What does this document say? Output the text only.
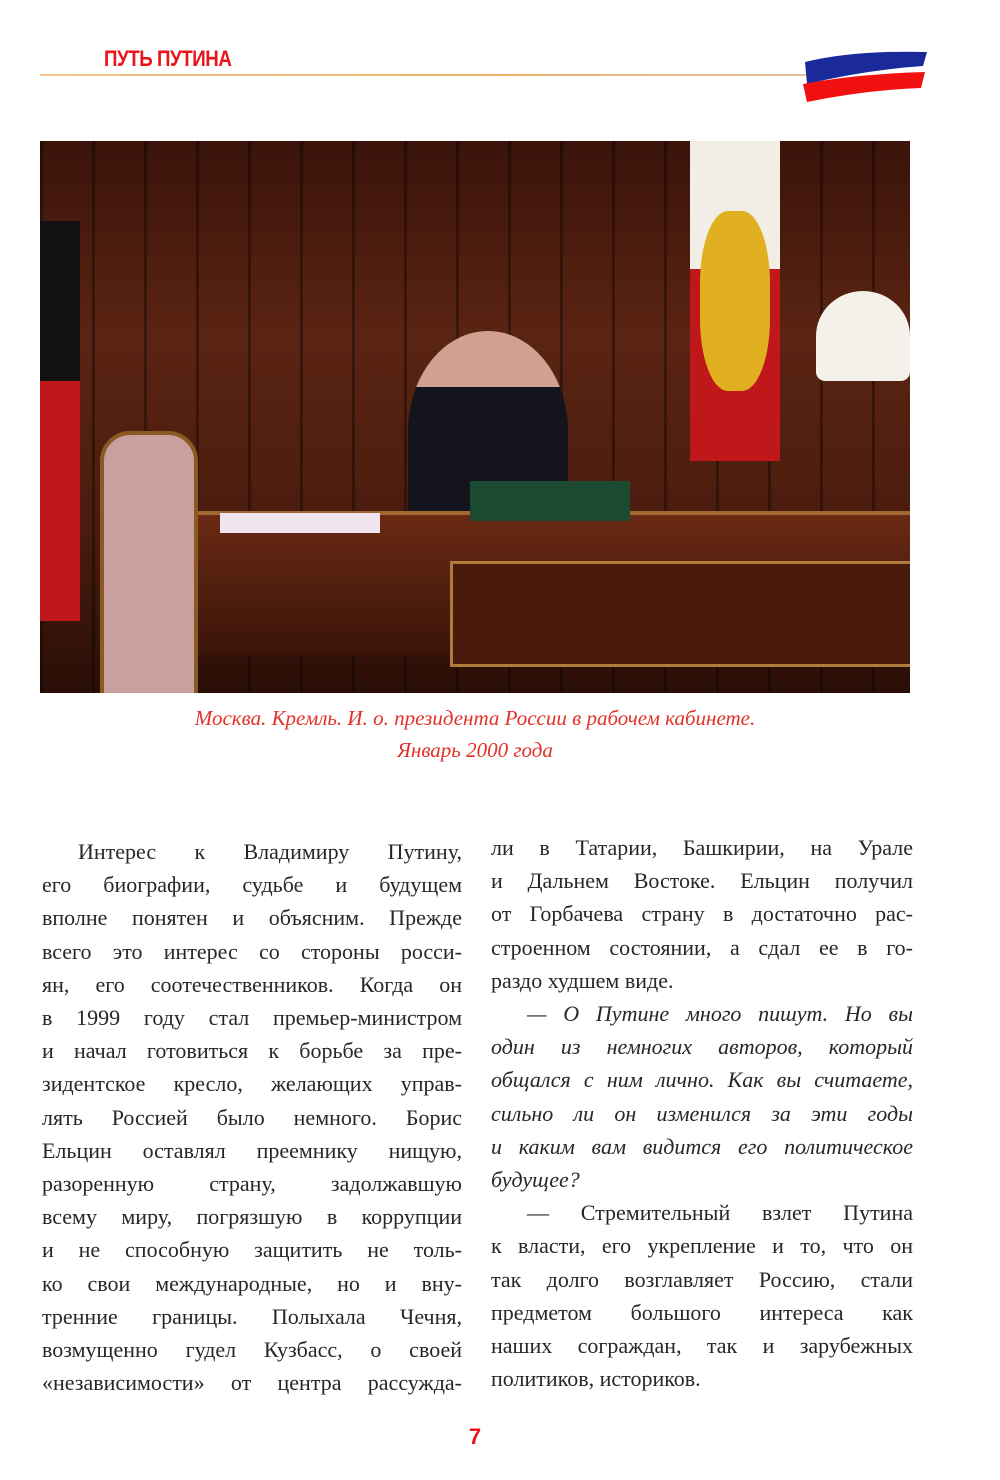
ПУТЬ ПУТИНА
Москва. Кремль. И. о. президента России в рабочем кабинете.
Январь 2000 года
Интерес к Владимиру Путину,
его биографии, судьбе и будущем
вполне понятен и объясним. Прежде
всего это интерес со стороны росси-
ян, его соотечественников. Когда он
в 1999 году стал премьер-министром
и начал готовиться к борьбе за пре-
зидентское кресло, желающих управ-
лять Россией было немного. Борис
Ельцин оставлял преемнику нищую,
разоренную страну, задолжавшую
всему миру, погрязшую в коррупции
и не способную защитить не толь-
ко свои международные, но и вну-
тренние границы. Полыхала Чечня,
возмущенно гудел Кузбасс, о своей
«независимости» от центра рассужда-
ли в Татарии, Башкирии, на Урале
и Дальнем Востоке. Ельцин получил
от Горбачева страну в достаточно рас-
строенном состоянии, а сдал ее в го-
раздо худшем виде.
— О Путине много пишут. Но вы
один из немногих авторов, который
общался с ним лично. Как вы считаете,
сильно ли он изменился за эти годы
и каким вам видится его политическое
будущее?
— Стремительный взлет Путина
к власти, его укрепление и то, что он
так долго возглавляет Россию, стали
предметом большого интереса как
наших сограждан, так и зарубежных
политиков, историков.
7
